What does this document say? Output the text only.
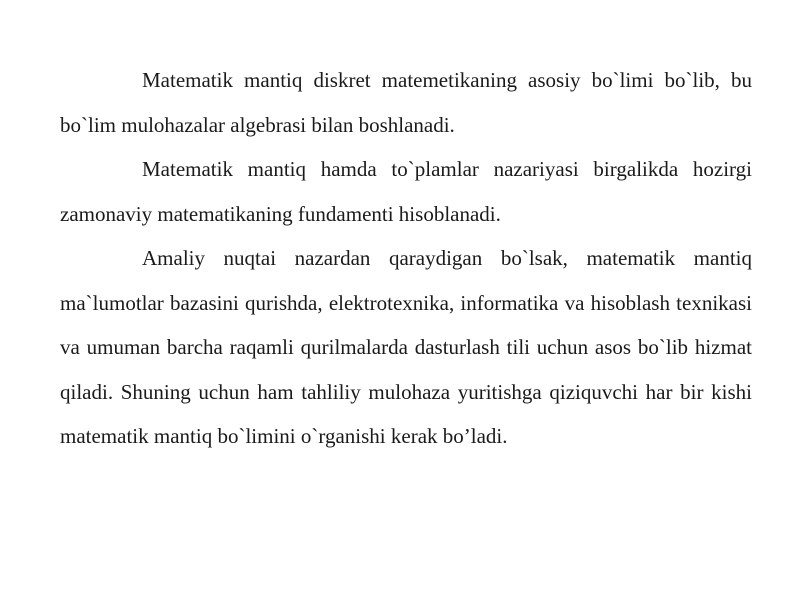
Matematik mantiq diskret matemetikaning asosiy bo`limi bo`lib, bu bo`lim mulohazalar algebrasi bilan boshlanadi.

Matematik mantiq hamda to`plamlar nazariyasi birgalikda hozirgi zamonaviy matematikaning fundamenti hisoblanadi.

Amaliy nuqtai nazardan qaraydigan bo`lsak, matematik mantiq ma`lumotlar bazasini qurishda, elektrotexnika, informatika va hisoblash texnikasi va umuman barcha raqamli qurilmalarda dasturlash tili uchun asos bo`lib hizmat qiladi. Shuning uchun ham tahliliy mulohaza yuritishga qiziquvchi har bir kishi matematik mantiq bo`limini o`rganishi kerak bo’ladi.
